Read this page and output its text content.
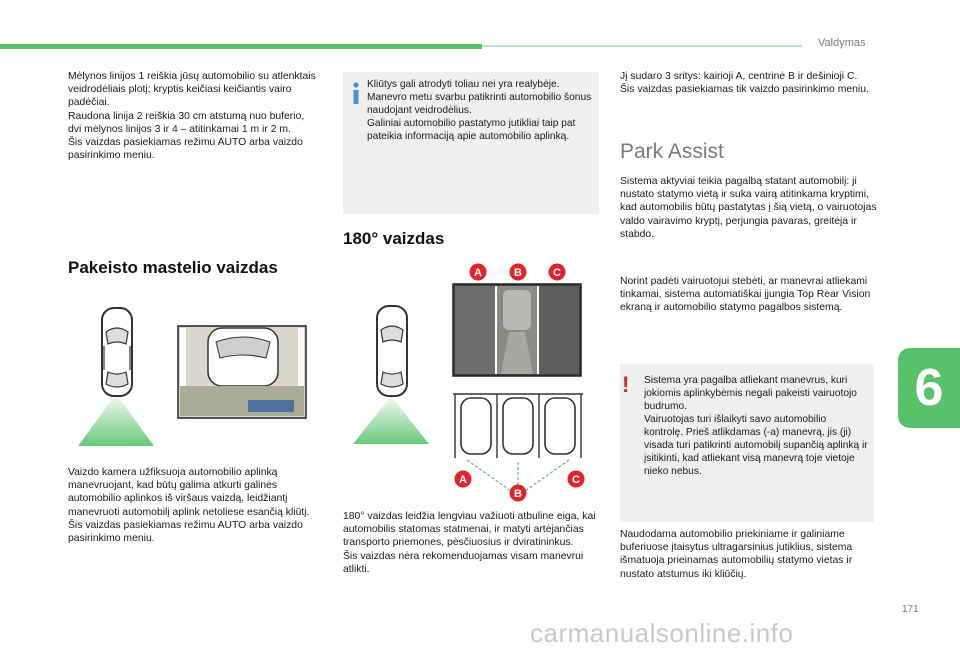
Valdymas
Mėlynos linijos 1 reiškia jūsų automobilio su atlenktais veidrodėliais plotį; kryptis keičiasi keičiantis vairo padėčiai.
Raudona linija 2 reiškia 30 cm atstumą nuo buferio, dvi mėlynos linijos 3 ir 4 – atitinkamai 1 m ir 2 m.
Šis vaizdas pasiekiamas režimu AUTO arba vaizdo pasirinkimo meniu.
Pakeisto mastelio vaizdas
Vaizdo kamera užfiksuoja automobilio aplinką manevruojant, kad būtų galima atkurti galinės automobilio aplinkos iš viršaus vaizdą, leidžiantį manevruoti automobilį aplink netoliese esančią kliūtį.
Šis vaizdas pasiekiamas režimu AUTO arba vaizdo pasirinkimo meniu.
Kliūtys gali atrodyti toliau nei yra realybėje.
Manevro metu svarbu patikrinti automobilio šonus naudojant veidrodėlius.
Galiniai automobilio pastatymo jutikliai taip pat pateikia informaciją apie automobilio aplinką.
180° vaizdas
A	B	C
A
B
C
180° vaizdas leidžia lengviau važiuoti atbuline eiga, kai automobilis statomas statmenai, ir matyti artėjančias transporto priemones, pėsčiuosius ir dviratininkus.
Šis vaizdas nėra rekomenduojamas visam manevrui atlikti.
Jį sudaro 3 sritys: kairioji A, centrinė B ir dešinioji C.
Šis vaizdas pasiekiamas tik vaizdo pasirinkimo meniu.
Park Assist
Sistema aktyviai teikia pagalbą statant automobilį: ji nustato statymo vietą ir suka vairą atitinkama kryptimi, kad automobilis būtų pastatytas į šią vietą, o vairuotojas valdo vairavimo kryptį, perjungia pavaras, greitėja ir stabdo.
Norint padėti vairuotojui stebėti, ar manevrai atliekami tinkamai, sistema automatiškai įjungia Top Rear Vision ekraną ir automobilio statymo pagalbos sistemą.
Sistema yra pagalba atliekant manevrus, kuri jokiomis aplinkybėmis negali pakeisti vairuotojo budrumo.
Vairuotojas turi išlaikyti savo automobilio kontrolę. Prieš atlikdamas (-a) manevrą, jis (ji) visada turi patikrinti automobilį supančią aplinką ir įsitikinti, kad atliekant visą manevrą toje vietoje nieko nebus.
!
Naudodama automobilio priekiniame ir galiniame buferiuose įtaisytus ultragarsinius jutiklius, sistema išmatuoja prieinamas automobilių statymo vietas ir nustato atstumus iki kliūčių.
6
171
carmanualsonline.info
